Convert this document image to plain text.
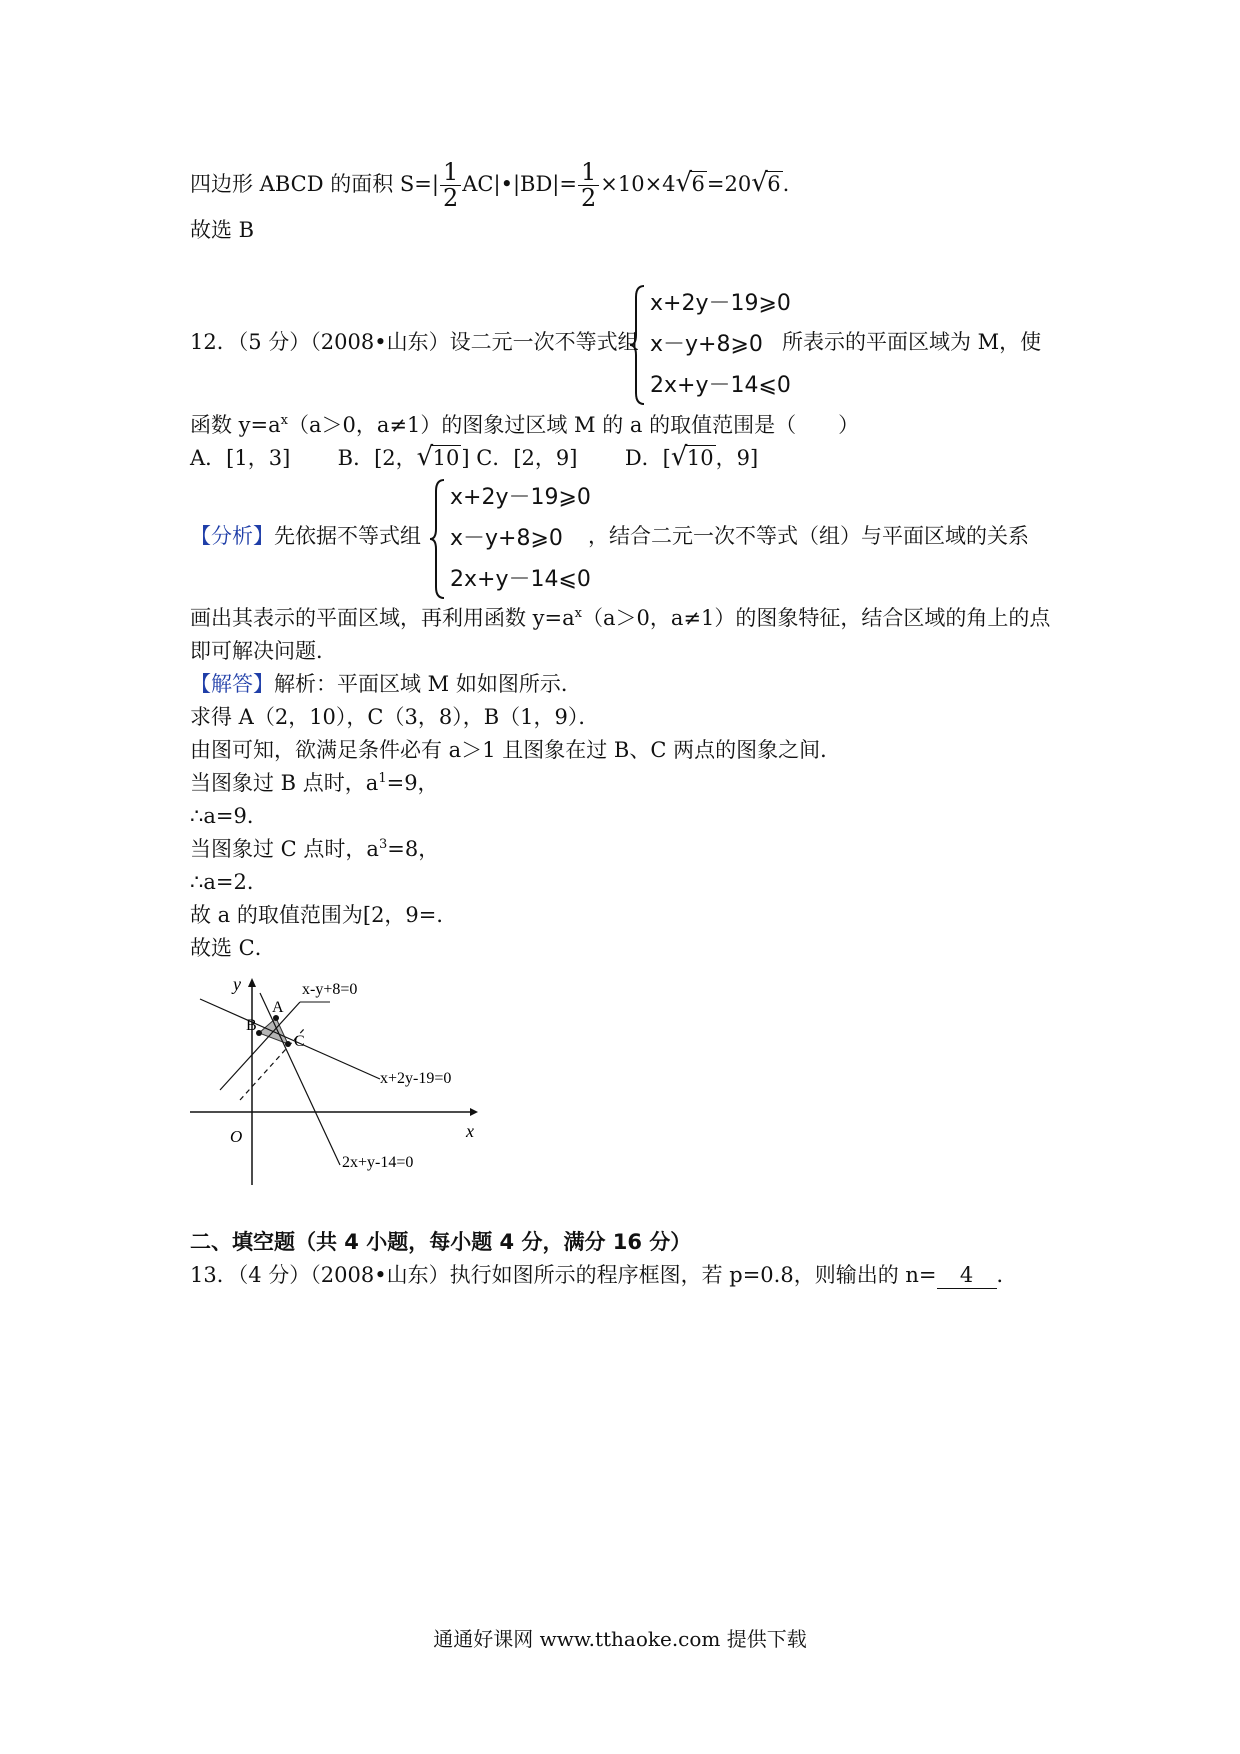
四边形 ABCD 的面积 $S=| \frac{1}{2}$ AC|•|BD|= $\frac{1}{2} \times 10\times 4√$ 6=20√ 6.
故选 B
12．（5 分）（2008•山东）设二元一次不等式组
x+2y－19⩾0
x－y+8⩾0
2x+y－14⩽0
所表示的平面区域为 M，使
函数 $y=a^x(a>0$，a≠1）的图象过区域 M 的 a 的取值范围是（　　）
A．[1，3] B．[2，√ 10] C．[2，9] D．[√ 10，9]
【分析】先依据不等式组
x+2y－19⩾0
x－y+8⩾0
2x+y－14⩽0
，结合二元一次不等式（组）与平面区域的关系
画出其表示的平面区域，再利用函数 $y=a^x(a>0$，a≠1）的图象特征，结合区域的角上的点
即可解决问题．
【解答】解析：平面区域 M 如如图所示．
求得 A（2，10），C（3，8），B（1，9）．
由图可知，欲满足条件必有 a＞1 且图象在过 B、C 两点的图象之间．
当图象过 B 点时，$a^1=9$，
∴a=9．
当图象过 C 点时，$a^3=8$，
∴a=2．
故 a 的取值范围为[2，9=．
故选 C．
y
x
O
A
B
C
x-y+8=0
x+2y-19=0
2x+y-14=0
二、填空题（共 4 小题，每小题 4 分，满分 16 分）
13．（4 分）（2008•山东）执行如图所示的程序框图，若 p=0.8，则输出的 n= 4 ．
通通好课网 www.tthaoke.com 提供下载
